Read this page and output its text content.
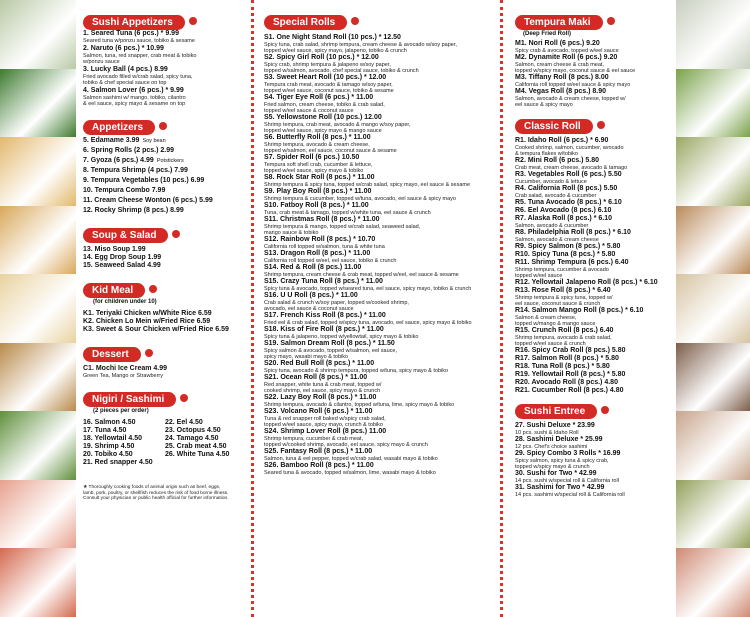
Sushi Appetizers
1. Seared Tuna (6 pcs.) * 9.99
Seared tuna w/ponzu sauce, tobiko & sesame
2. Naruto (6 pcs.) * 10.99
Salmon, tuna, red snapper, crab meat & tobiko
w/ponzu sauce
3. Lucky Ball (4 pcs.) 8.99
Fried avocado filled w/crab salad, spicy tuna,
tobiko & chef special sauce on top
4. Salmon Lover (6 pcs.) * 9.99
Salmon sashimi w/ mango, tobiko, cilantro
& eel sauce, spicy mayo & sesame on top
Appetizers
5. Edamame 3.99 Soy bean
6. Spring Rolls (2 pcs.) 2.99
7. Gyoza (6 pcs.) 4.99 Potstickers
8. Tempura Shrimp (4 pcs.) 7.99
9. Tempura Vegetables (10 pcs.) 6.99
10. Tempura Combo 7.99
11. Cream Cheese Wonton (6 pcs.) 5.99
12. Rocky Shrimp (8 pcs.) 8.99
Soup & Salad
13. Miso Soup 1.99
14. Egg Drop Soup 1.99
15. Seaweed Salad 4.99
Kid Meal
(for children under 10)
K1. Teriyaki Chicken w/White Rice 6.59
K2. Chicken Lo Mein w/Fried Rice 6.59
K3. Sweet & Sour Chicken w/Fried Rice 6.59
Dessert
C1. Mochi Ice Cream 4.99
Green Tea, Mango or Strawberry
Nigiri / Sashimi
(2 pieces per order)
16. Salmon 4.50	22. Eel 4.50
17. Tuna 4.50	23. Octopus 4.50
18. Yellowtail 4.50	24. Tamago 4.50
19. Shrimp 4.50	25. Crab meat 4.50
20. Tobiko 4.50	26. White Tuna 4.50
21. Red snapper 4.50
★ Thoroughly cooking foods of animal origin such as beef, eggs,
lamb, pork, poultry, or shellfish reduces the risk of food borne illness.
Consult your physician or public health official for further information.
Special Rolls
S1. One Night Stand Roll (10 pcs.) * 12.50
Spicy tuna, crab salad, shrimp tempura, cream cheese & avocado w/soy paper,
topped w/eel sauce, spicy mayo, jalapeno, tobiko & crunch
S2. Spicy Girl Roll (10 pcs.) * 12.00
Spicy crab, shrimp tempura & jalapeno w/soy paper,
topped w/salmon, avocado, chef special sauce, tobiko & crunch
S3. Sweet Heart Roll (10 pcs.) * 12.00
Tempura crab meat, avocado & tamago w/soy paper,
topped w/eel sauce, coconut sauce, tobiko & sesame
S4. Tiger Eye Roll (6 pcs.) * 11.00
Fried salmon, cream cheese, tobiko & crab salad,
topped w/eel sauce & coconut sauce
S5. Yellowstone Roll (10 pcs.) 12.00
Shrimp tempura, crab meat, avocado & mango w/soy paper,
topped w/eel sauce, spicy mayo & mango sauce
S6. Butterfly Roll (8 pcs.) * 11.00
Shrimp tempura, avocado & cream cheese,
topped w/salmon, eel sauce, coconut sauce & sesame
S7. Spider Roll (6 pcs.) 10.50
Tempura soft shell crab, cucumber & lettuce,
topped w/eel sauce, spicy mayo & tobiko
S8. Rock Star Roll (8 pcs.) * 11.00
Shrimp tempura & spicy tuna, topped w/crab salad, spicy mayo, eel sauce & sesame
S9. Play Boy Roll (8 pcs.) * 11.00
Shrimp tempura & cucumber, topped w/tuna, avocado, eel sauce & spicy mayo
S10. Fatboy Roll (8 pcs.) * 11.00
Tuna, crab meat & tamago, topped w/white tuna, eel sauce & crunch
S11. Christmas Roll (8 pcs.) * 11.00
Shrimp tempura & mango, topped w/crab salad, seaweed salad,
mango sauce & tobiko
S12. Rainbow Roll (8 pcs.) * 10.70
California roll topped w/salmon, tuna & white tuna
S13. Dragon Roll (8 pcs.) * 11.00
California roll topped w/eel, eel sauce, tobiko & crunch
S14. Red & Roll (8 pcs.) 11.00
Shrimp tempura, cream cheese & crab meat, topped w/eel, eel sauce & sesame
S15. Crazy Tuna Roll (8 pcs.) * 11.00
Spicy tuna & avocado, topped w/seared tuna, eel sauce, spicy mayo, tobiko & crunch
S16. U U Roll (8 pcs.) * 11.00
Crab salad & crunch w/soy paper, topped w/cooked shrimp,
avocado, eel sauce & coconut sauce
S17. French Kiss Roll (8 pcs.) * 11.00
Fried eel & crab salad, topped w/spicy tuna, avocado, eel sauce, spicy mayo & tobiko
S18. Kiss of Fire Roll (8 pcs.) * 11.00
Spicy tuna & jalapeno, topped w/yellowtail, spicy mayo & tobiko
S19. Salmon Dream Roll (8 pcs.) * 11.50
Spicy salmon & avocado, topped w/salmon, eel sauce,
spicy mayo, wasabi mayo & tobiko
S20. Red Bull Roll (8 pcs.) * 11.00
Spicy tuna, avocado & shrimp tempura, topped w/tuna, spicy mayo & tobiko
S21. Ocean Roll (8 pcs.) * 11.00
Red snapper, white tuna & crab meat, topped w/
cooked shrimp, eel sauce, spicy mayo & crunch
S22. Lazy Boy Roll (8 pcs.) * 11.00
Shrimp tempura, avocado & cilantro, topped w/tuna, lime, spicy mayo & tobiko
S23. Volcano Roll (6 pcs.) * 11.00
Tuna & red snapper roll baked w/spicy crab salad,
topped w/eel sauce, spicy mayo, crunch & tobiko
S24. Shrimp Lover Roll (8 pcs.) 11.00
Shrimp tempura, cucumber & crab meat,
topped w/cooked shrimp, avocado, eel sauce, spicy mayo & crunch
S25. Fantasy Roll (8 pcs.) * 11.00
Salmon, tuna & eel pepper, topped w/crab salad, wasabi mayo & tobiko
S26. Bamboo Roll (8 pcs.) * 11.00
Seared tuna & avocado, topped w/salmon, lime, wasabi mayo & tobiko
Tempura Maki
(Deep Fried Roll)
M1. Nori Roll (6 pcs.) 9.20
Spicy crab & avocado, topped w/eel sauce
M2. Dynamite Roll (6 pcs.) 9.20
Salmon, cream cheese & crab meat,
topped w/spicy mayo, coconut sauce & eel sauce
M3. Tiffany Roll (8 pcs.) 8.00
California roll topped w/eel sauce & spicy mayo
M4. Vegas Roll (8 pcs.) 8.90
Salmon, avocado & cream cheese, topped w/
eel sauce & spicy mayo
Classic Roll
R1. Idaho Roll (6 pcs.) * 6.90
Cooked shrimp, salmon, cucumber, avocado
& tempura flakes w/tobiko
R2. Mini Roll (6 pcs.) 5.80
Crab meat, cream cheese, avocado & tamago
R3. Vegetables Roll (6 pcs.) 5.50
Cucumber, avocado & lettuce
R4. California Roll (8 pcs.) 5.50
Crab salad, avocado & cucumber
R5. Tuna Avocado (8 pcs.) * 6.10
R6. Eel Avocado (8 pcs.) 6.10
R7. Alaska Roll (8 pcs.) * 6.10
Salmon, avocado & cucumber
R8. Philadelphia Roll (8 pcs.) * 6.10
Salmon, avocado & cream cheese
R9. Spicy Salmon (8 pcs.) * 5.80
R10. Spicy Tuna (8 pcs.) * 5.80
R11. Shrimp Tempura (6 pcs.) 6.40
Shrimp tempura, cucumber & avocado
topped w/eel sauce
R12. Yellowtail Jalapeno Roll (8 pcs.) * 6.10
R13. Rose Roll (8 pcs.) * 6.40
Shrimp tempura & spicy tuna, topped w/
eel sauce, coconut sauce & crunch
R14. Salmon Mango Roll (8 pcs.) * 6.10
Salmon & cream cheese,
topped w/mango & mango sauce
R15. Crunch Roll (8 pcs.) 6.40
Shrimp tempura, avocado & crab salad,
topped w/eel sauce & crunch
R16. Spicy Crab Roll (8 pcs.) 5.80
R17. Salmon Roll (8 pcs.) * 5.80
R18. Tuna Roll (8 pcs.) * 5.80
R19. Yellowtail Roll (8 pcs.) * 5.80
R20. Avocado Roll (8 pcs.) 4.80
R21. Cucumber Roll (8 pcs.) 4.80
Sushi Entree
27. Sushi Deluxe * 23.99
10 pcs. sushi & Idaho Roll
28. Sashimi Deluxe * 25.99
12 pcs. Chef's choice sashimi
29. Spicy Combo 3 Rolls * 16.99
Spicy salmon, spicy tuna & spicy crab,
topped w/spicy mayo & crunch
30. Sushi for Two * 42.99
14 pcs. sushi w/special roll & California roll
31. Sashimi for Two * 42.99
14 pcs. sashimi w/special roll & California roll
